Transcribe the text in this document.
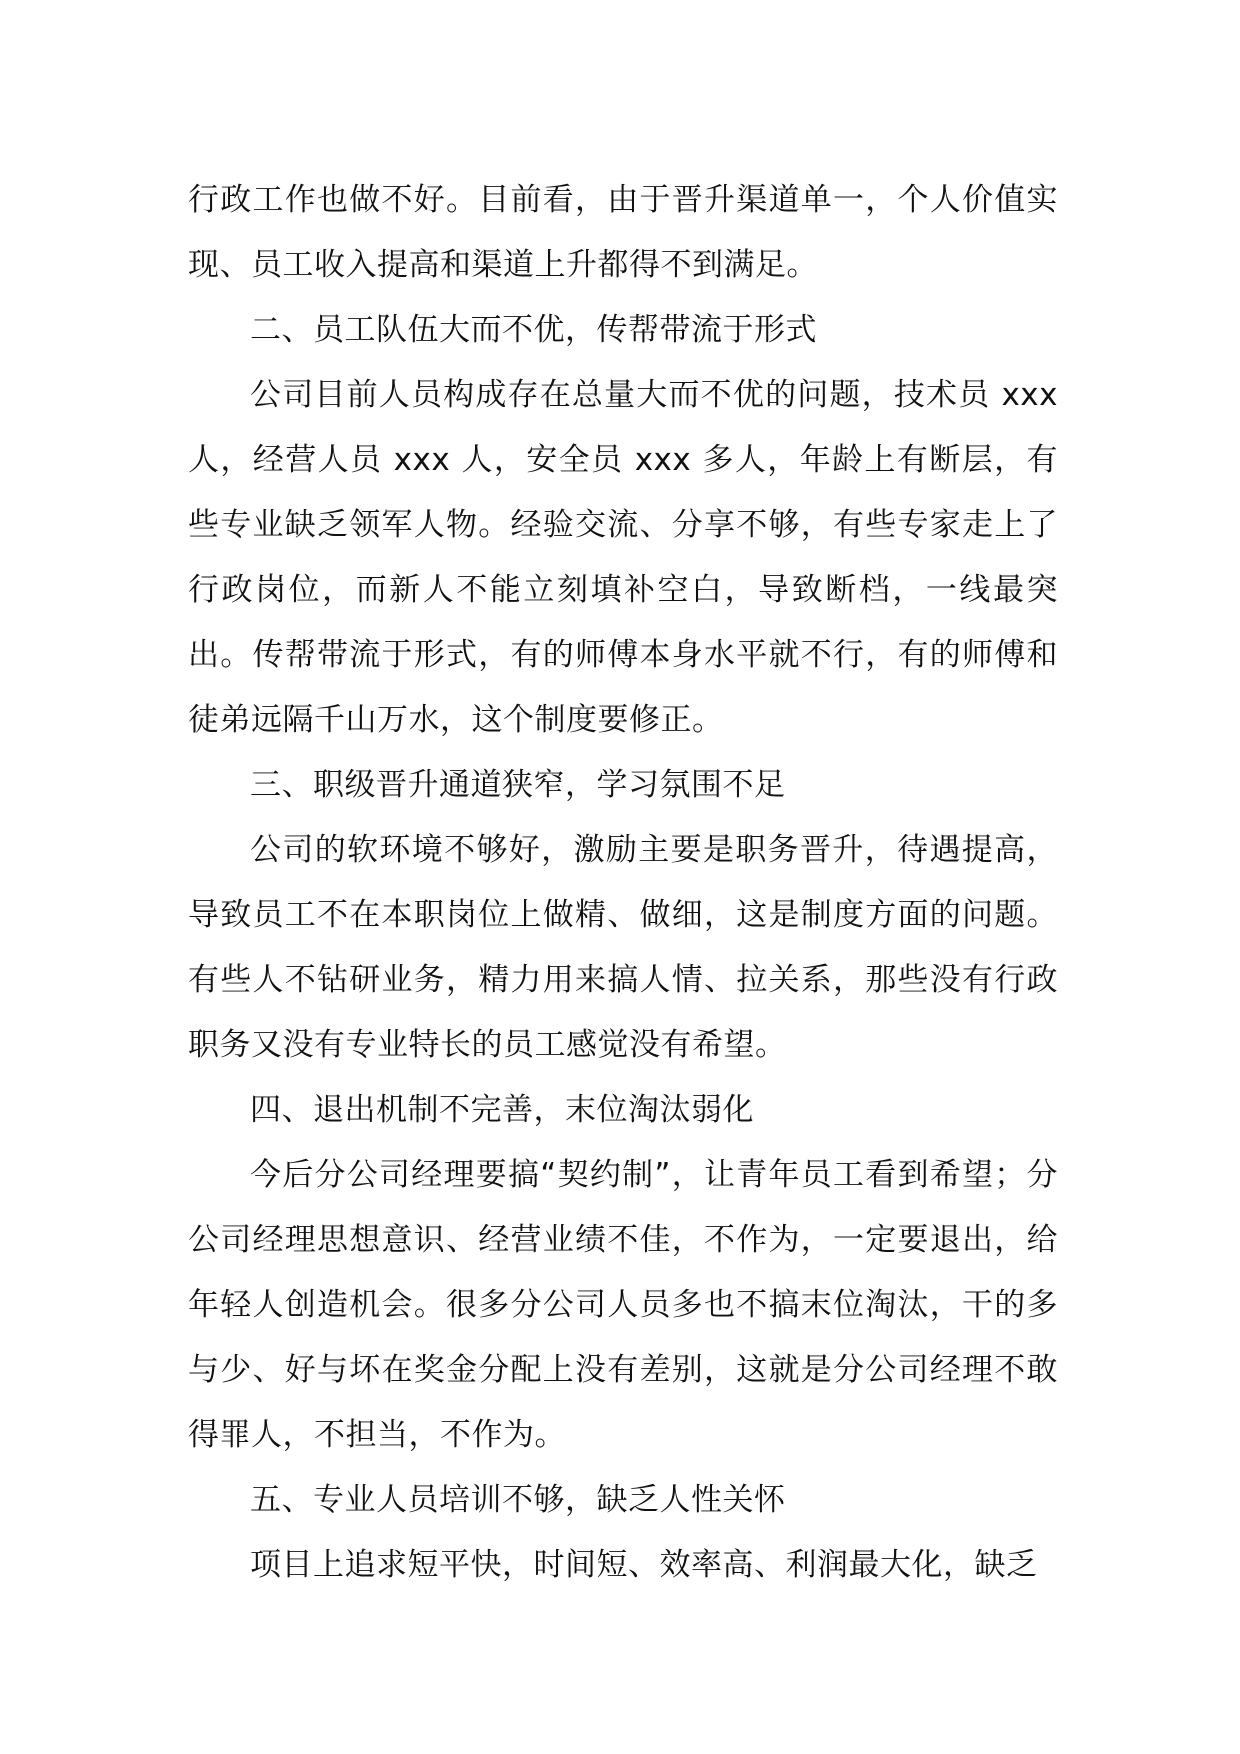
行政工作也做不好。目前看，由于晋升渠道单一，个人价值实现、员工收入提高和渠道上升都得不到满足。

二、员工队伍大而不优，传帮带流于形式

公司目前人员构成存在总量大而不优的问题，技术员 xxx 人，经营人员 xxx 人，安全员 xxx 多人，年龄上有断层，有些专业缺乏领军人物。经验交流、分享不够，有些专家走上了行政岗位，而新人不能立刻填补空白，导致断档，一线最突出。传帮带流于形式，有的师傅本身水平就不行，有的师傅和徒弟远隔千山万水，这个制度要修正。

三、职级晋升通道狭窄，学习氛围不足

公司的软环境不够好，激励主要是职务晋升，待遇提高，导致员工不在本职岗位上做精、做细，这是制度方面的问题。有些人不钻研业务，精力用来搞人情、拉关系，那些没有行政职务又没有专业特长的员工感觉没有希望。

四、退出机制不完善，末位淘汰弱化

今后分公司经理要搞“契约制”，让青年员工看到希望；分公司经理思想意识、经营业绩不佳，不作为，一定要退出，给年轻人创造机会。很多分公司人员多也不搞末位淘汰，干的多与少、好与坏在奖金分配上没有差别，这就是分公司经理不敢得罪人，不担当，不作为。

五、专业人员培训不够，缺乏人性关怀

项目上追求短平快，时间短、效率高、利润最大化，缺乏
